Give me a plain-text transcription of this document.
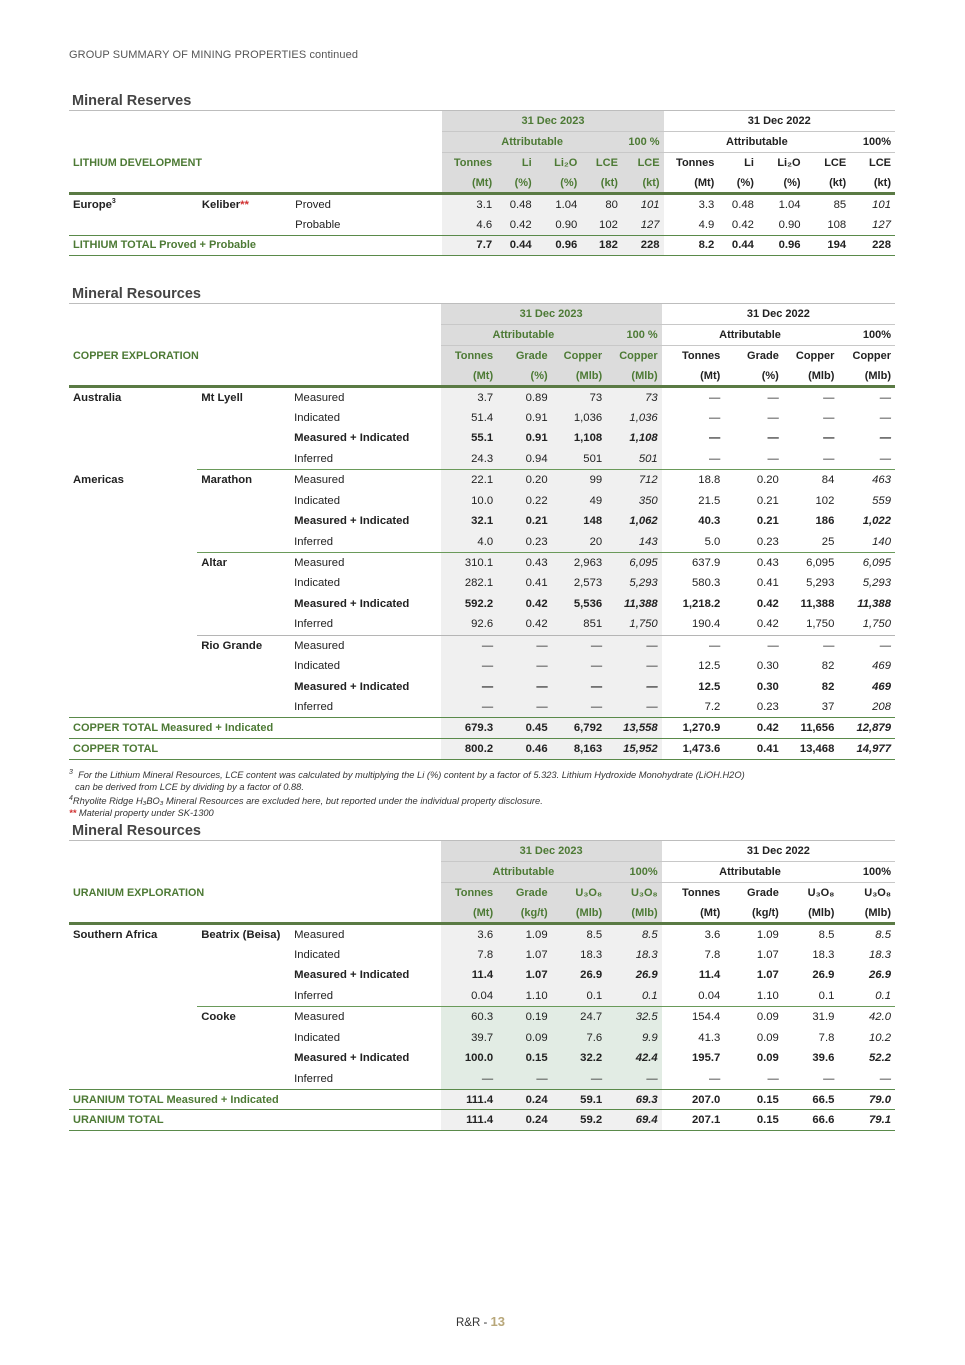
GROUP SUMMARY OF MINING PROPERTIES continued
Mineral Reserves
			31 Dec 2023					31 Dec 2022				
			Attributable				100 %	Attributable				100%
LITHIUM DEVELOPMENT			Tonnes	Li	Li₂O	LCE	LCE	Tonnes	Li	Li₂O	LCE	LCE
			(Mt)	(%)	(%)	(kt)	(kt)	(Mt)	(%)	(%)	(kt)	(kt)
Europe$^3$	Keliber**	Proved	3.1	0.48	1.04	80	101	3.3	0.48	1.04	85	101
		Probable	4.6	0.42	0.90	102	127	4.9	0.42	0.90	108	127
LITHIUM TOTAL Proved + Probable			7.7	0.44	0.96	182	228	8.2	0.44	0.96	194	228
Mineral Resources
			31 Dec 2023				31 Dec 2022			
			Attributable			100 %	Attributable			100%
COPPER EXPLORATION			Tonnes	Grade	Copper	Copper	Tonnes	Grade	Copper	Copper
			(Mt)	(%)	(Mlb)	(Mlb)	(Mt)	(%)	(Mlb)	(Mlb)
Australia	Mt Lyell	Measured	3.7	0.89	73	73	—	—	—	—
		Indicated	51.4	0.91	1,036	1,036	—	—	—	—
		Measured + Indicated	55.1	0.91	1,108	1,108	—	—	—	—
		Inferred	24.3	0.94	501	501	—	—	—	—
Americas	Marathon	Measured	22.1	0.20	99	712	18.8	0.20	84	463
		Indicated	10.0	0.22	49	350	21.5	0.21	102	559
		Measured + Indicated	32.1	0.21	148	1,062	40.3	0.21	186	1,022
		Inferred	4.0	0.23	20	143	5.0	0.23	25	140
	Altar	Measured	310.1	0.43	2,963	6,095	637.9	0.43	6,095	6,095
		Indicated	282.1	0.41	2,573	5,293	580.3	0.41	5,293	5,293
		Measured + Indicated	592.2	0.42	5,536	11,388	1,218.2	0.42	11,388	11,388
		Inferred	92.6	0.42	851	1,750	190.4	0.42	1,750	1,750
	Rio Grande	Measured	—	—	—	—	—	—	—	—
		Indicated	—	—	—	—	12.5	0.30	82	469
		Measured + Indicated	—	—	—	—	12.5	0.30	82	469
		Inferred	—	—	—	—	7.2	0.23	37	208
COPPER TOTAL Measured + Indicated			679.3	0.45	6,792	13,558	1,270.9	0.42	11,656	12,879
COPPER TOTAL			800.2	0.46	8,163	15,952	1,473.6	0.41	13,468	14,977
$^3$ For the Lithium Mineral Resources, LCE content was calculated by multiplying the Li (%) content by a factor of 5.323. Lithium Hydroxide Monohydrate (LiOH.H2O)
can be derived from LCE by dividing by a factor of 0.88.
$^4$Rhyolite Ridge H₃BO₃ Mineral Resources are excluded here, but reported under the individual property disclosure.
** Material property under SK-1300
Mineral Resources
			31 Dec 2023				31 Dec 2022			
			Attributable			100%	Attributable			100%
URANIUM EXPLORATION			Tonnes	Grade	U₃O₈	U₃O₈	Tonnes	Grade	U₃O₈	U₃O₈
			(Mt)	(kg/t)	(Mlb)	(Mlb)	(Mt)	(kg/t)	(Mlb)	(Mlb)
Southern Africa	Beatrix (Beisa)	Measured	3.6	1.09	8.5	8.5	3.6	1.09	8.5	8.5
		Indicated	7.8	1.07	18.3	18.3	7.8	1.07	18.3	18.3
		Measured + Indicated	11.4	1.07	26.9	26.9	11.4	1.07	26.9	26.9
		Inferred	0.04	1.10	0.1	0.1	0.04	1.10	0.1	0.1
	Cooke	Measured	60.3	0.19	24.7	32.5	154.4	0.09	31.9	42.0
		Indicated	39.7	0.09	7.6	9.9	41.3	0.09	7.8	10.2
		Measured + Indicated	100.0	0.15	32.2	42.4	195.7	0.09	39.6	52.2
		Inferred	—	—	—	—	—	—	—	—
URANIUM TOTAL Measured + Indicated			111.4	0.24	59.1	69.3	207.0	0.15	66.5	79.0
URANIUM TOTAL			111.4	0.24	59.2	69.4	207.1	0.15	66.6	79.1
R&R - 13
